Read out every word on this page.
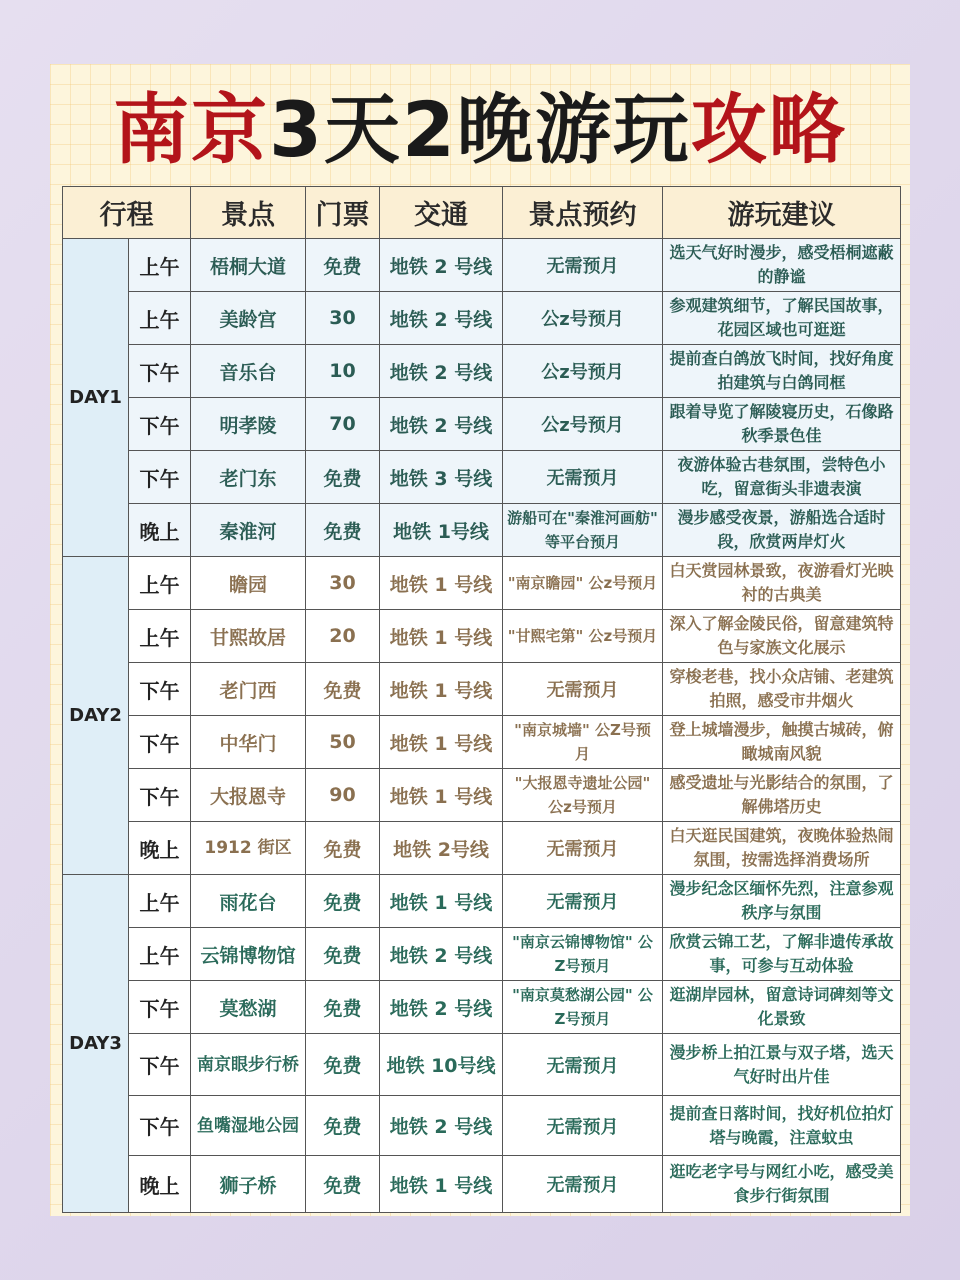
南京3天2晚游玩攻略
行程		景点	门票	交通	景点预约	游玩建议
DAY1	上午	梧桐大道	免费	地铁 2 号线	无需预月	选天气好时漫步，感受梧桐遮蔽的静谧
	上午	美龄宫	30	地铁 2 号线	公z号预月	参观建筑细节，了解民国故事，花园区域也可逛逛
	下午	音乐台	10	地铁 2 号线	公z号预月	提前查白鸽放飞时间，找好角度拍建筑与白鸽同框
	下午	明孝陵	70	地铁 2 号线	公z号预月	跟着导览了解陵寝历史，石像路秋季景色佳
	下午	老门东	免费	地铁 3 号线	无需预月	夜游体验古巷氛围，尝特色小吃，留意街头非遗表演
	晚上	秦淮河	免费	地铁 1号线	游船可在"秦淮河画舫" 等平台预月	漫步感受夜景，游船选合适时段，欣赏两岸灯火
DAY2	上午	瞻园	30	地铁 1 号线	"南京瞻园" 公z号预月	白天赏园林景致，夜游看灯光映衬的古典美
	上午	甘熙故居	20	地铁 1 号线	"甘熙宅第" 公z号预月	深入了解金陵民俗，留意建筑特色与家族文化展示
	下午	老门西	免费	地铁 1 号线	无需预月	穿梭老巷，找小众店铺、老建筑拍照，感受市井烟火
	下午	中华门	50	地铁 1 号线	"南京城墙" 公Z号预月	登上城墙漫步，触摸古城砖，俯瞰城南风貌
	下午	大报恩寺	90	地铁 1 号线	"大报恩寺遗址公园" 公z号预月	感受遗址与光影结合的氛围，了解佛塔历史
	晚上	1912 街区	免费	地铁 2号线	无需预月	白天逛民国建筑，夜晚体验热闹氛围，按需选择消费场所
DAY3	上午	雨花台	免费	地铁 1 号线	无需预月	漫步纪念区缅怀先烈，注意参观秩序与氛围
	上午	云锦博物馆	免费	地铁 2 号线	"南京云锦博物馆" 公Z号预月	欣赏云锦工艺，了解非遗传承故事，可参与互动体验
	下午	莫愁湖	免费	地铁 2 号线	"南京莫愁湖公园" 公Z号预月	逛湖岸园林，留意诗词碑刻等文化景致
	下午	南京眼步行桥	免费	地铁 10号线	无需预月	漫步桥上拍江景与双子塔，选天气好时出片佳
	下午	鱼嘴湿地公园	免费	地铁 2 号线	无需预月	提前查日落时间，找好机位拍灯塔与晚霞，注意蚊虫
	晚上	狮子桥	免费	地铁 1 号线	无需预月	逛吃老字号与网红小吃，感受美食步行街氛围
